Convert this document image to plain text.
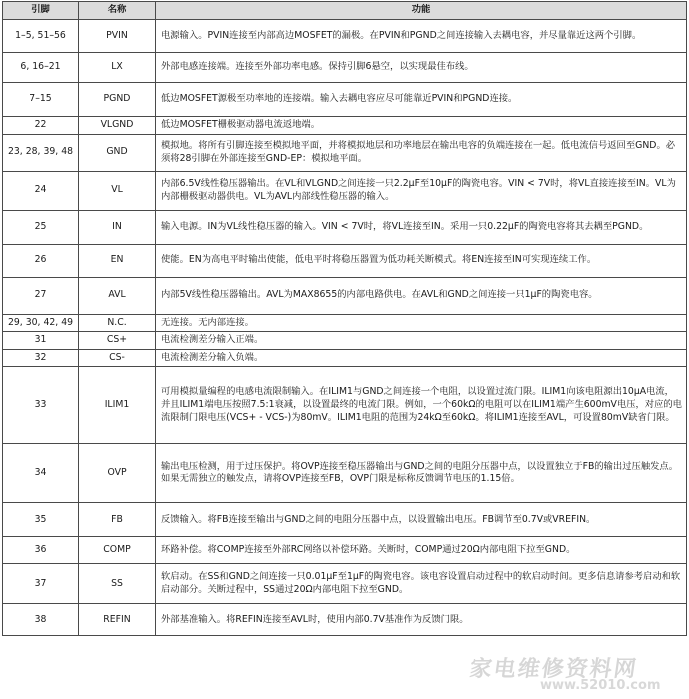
引脚	名称	功能
1–5, 51–56	PVIN	电源输入。PVIN连接至内部高边MOSFET的漏极。在PVIN和PGND之间连接输入去耦电容，并尽量靠近这两个引脚。
6, 16–21	LX	外部电感连接端。连接至外部功率电感。保持引脚6悬空，以实现最佳布线。
7–15	PGND	低边MOSFET源极至功率地的连接端。输入去耦电容应尽可能靠近PVIN和PGND连接。
22	VLGND	低边MOSFET栅极驱动器电流返地端。
23, 28, 39, 48	GND	模拟地。将所有引脚连接至模拟地平面，并将模拟地层和功率地层在输出电容的负端连接在一起。低电流信号返回至GND。必须将28引脚在外部连接至GND-EP：模拟地平面。
24	VL	内部6.5V线性稳压器输出。在VL和VLGND之间连接一只2.2μF至10μF的陶瓷电容。VIN < 7V时，将VL直接连接至IN。VL为内部栅极驱动器供电。VL为AVL内部线性稳压器的输入。
25	IN	输入电源。IN为VL线性稳压器的输入。VIN < 7V时，将VL连接至IN。采用一只0.22μF的陶瓷电容将其去耦至PGND。
26	EN	使能。EN为高电平时输出使能，低电平时将稳压器置为低功耗关断模式。将EN连接至IN可实现连续工作。
27	AVL	内部5V线性稳压器输出。AVL为MAX8655的内部电路供电。在AVL和GND之间连接一只1μF的陶瓷电容。
29, 30, 42, 49	N.C.	无连接。无内部连接。
31	CS+	电流检测差分输入正端。
32	CS-	电流检测差分输入负端。
33	ILIM1	可用模拟量编程的电感电流限制输入。在ILIM1与GND之间连接一个电阻，以设置过流门限。ILIM1向该电阻源出10μA电流，并且ILIM1端电压按照7.5:1衰减，以设置最终的电流门限。例如，一个60kΩ的电阻可以在ILIM1端产生600mV电压，对应的电流限制门限电压(VCS+ - VCS-)为80mV。ILIM1电阻的范围为24kΩ至60kΩ。将ILIM1连接至AVL，可设置80mV缺省门限。
34	OVP	输出电压检测，用于过压保护。将OVP连接至稳压器输出与GND之间的电阻分压器中点，以设置独立于FB的输出过压触发点。如果无需独立的触发点，请将OVP连接至FB，OVP门限是标称反馈调节电压的1.15倍。
35	FB	反馈输入。将FB连接至输出与GND之间的电阻分压器中点，以设置输出电压。FB调节至0.7V或VREFIN。
36	COMP	环路补偿。将COMP连接至外部RC网络以补偿环路。关断时，COMP通过20Ω内部电阻下拉至GND。
37	SS	软启动。在SS和GND之间连接一只0.01μF至1μF的陶瓷电容。该电容设置启动过程中的软启动时间。更多信息请参考启动和软启动部分。关断过程中，SS通过20Ω内部电阻下拉至GND。
38	REFIN	外部基准输入。将REFIN连接至AVL时，使用内部0.7V基准作为反馈门限。
家电维修资料网
www.52010.com
